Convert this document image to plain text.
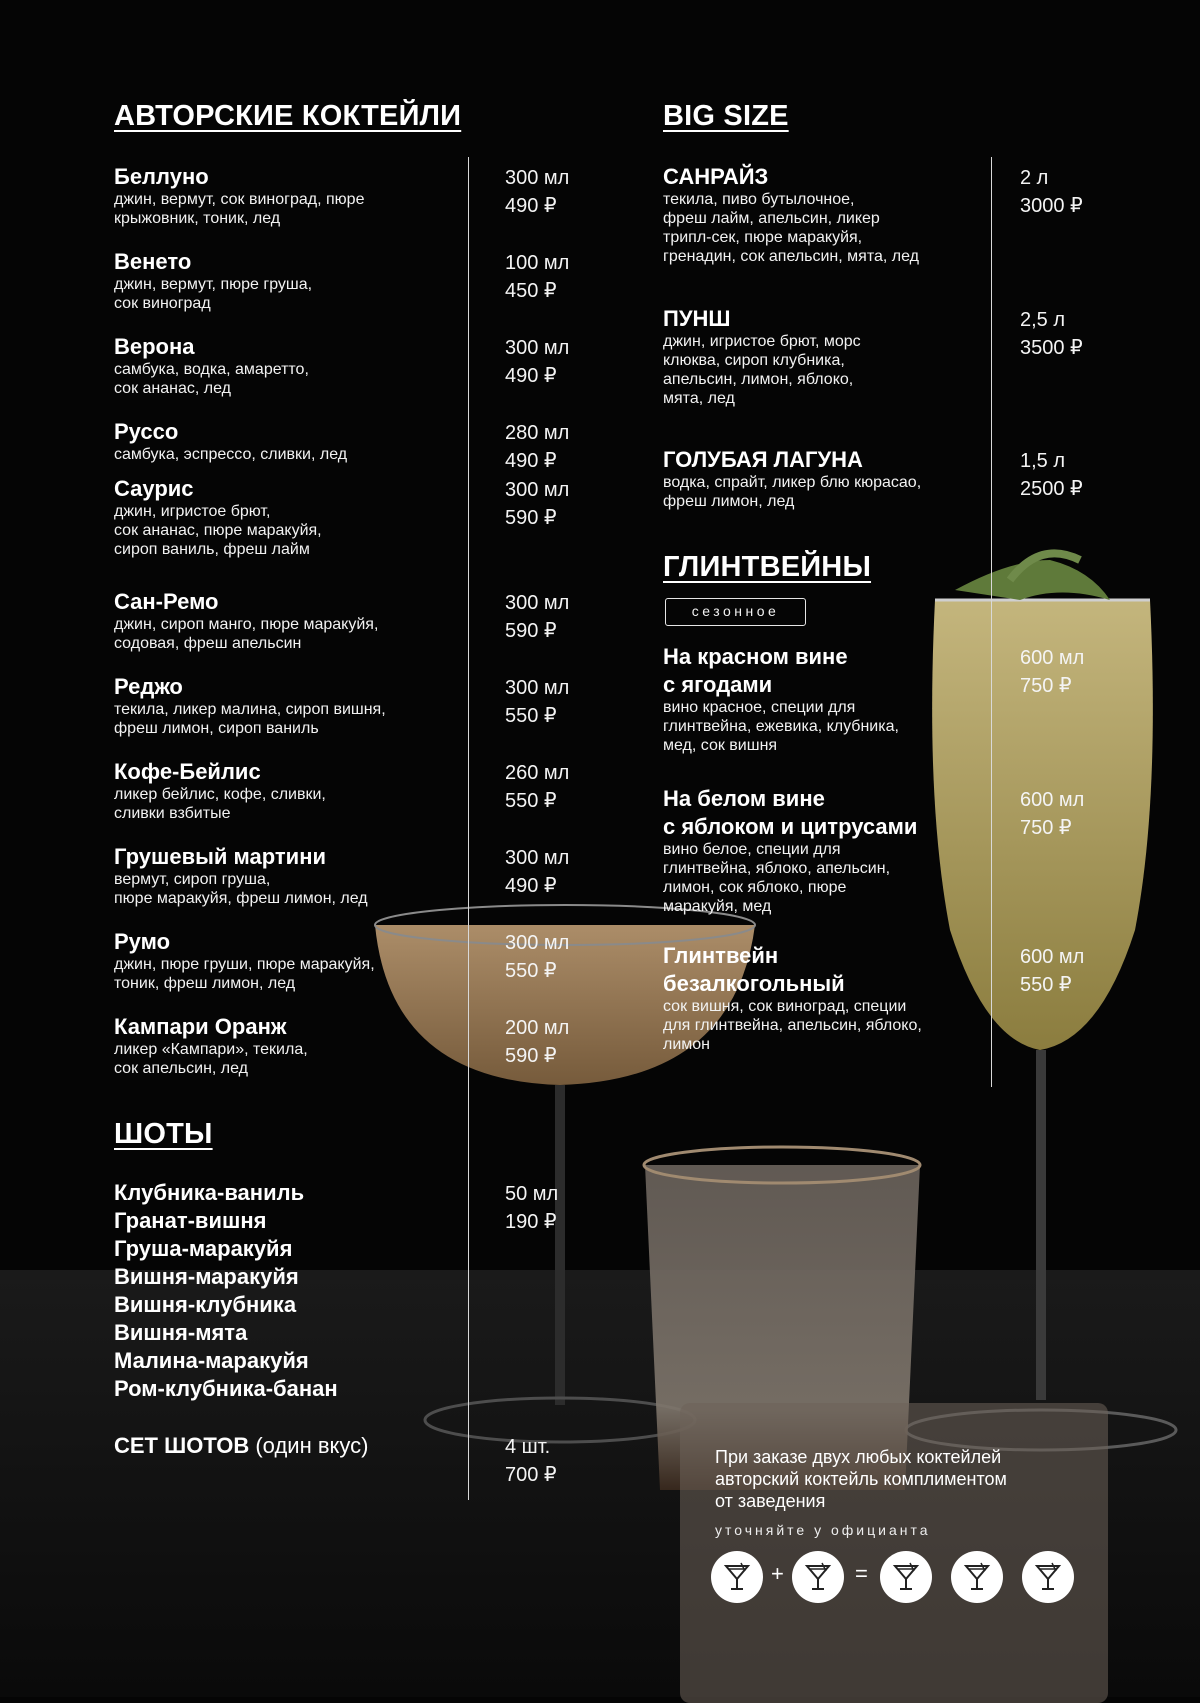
АВТОРСКИЕ КОКТЕЙЛИ
Беллуно
джин, вермут, сок виноград, пюре
крыжовник, тоник, лед
300 мл
490 ₽
Венето
джин, вермут, пюре груша,
сок виноград
100 мл
450 ₽
Верона
самбука, водка, амаретто,
сок ананас, лед
300 мл
490 ₽
Руссо
самбука, эспрессо, сливки, лед
280 мл
490 ₽
Саурис
джин, игристое брют,
сок ананас, пюре маракуйя,
сироп ваниль, фреш лайм
300 мл
590 ₽
Сан-Ремо
джин, сироп манго, пюре маракуйя,
содовая, фреш апельсин
300 мл
590 ₽
Реджо
текила, ликер малина, сироп вишня,
фреш лимон, сироп ваниль
300 мл
550 ₽
Кофе-Бейлис
ликер бейлис, кофе, сливки,
сливки взбитые
260 мл
550 ₽
Грушевый мартини
вермут, сироп груша,
пюре маракуйя, фреш лимон, лед
300 мл
490 ₽
Румо
джин, пюре груши, пюре маракуйя,
тоник, фреш лимон, лед
300 мл
550 ₽
Кампари Оранж
ликер «Кампари», текила,
сок апельсин, лед
200 мл
590 ₽
ШОТЫ
Клубника-ваниль
Гранат-вишня
Груша-маракуйя
Вишня-маракуйя
Вишня-клубника
Вишня-мята
Малина-маракуйя
Ром-клубника-банан
50 мл
190 ₽
СЕТ ШОТОВ (один вкус)	4 шт.
700 ₽
BIG SIZE
САНРАЙЗ
текила, пиво бутылочное,
фреш лайм, апельсин, ликер
трипл-сек, пюре маракуйя,
гренадин, сок апельсин, мята, лед
2 л
3000 ₽
ПУНШ
джин, игристое брют, морс
клюква, сироп клубника,
апельсин, лимон, яблоко,
мята, лед
2,5 л
3500 ₽
ГОЛУБАЯ ЛАГУНА
водка, спрайт, ликер блю кюрасао,
фреш лимон, лед
1,5 л
2500 ₽
ГЛИНТВЕЙНЫ
сезонное
На красном вине
с ягодами
вино красное, специи для
глинтвейна, ежевика, клубника,
мед, сок вишня
600 мл
750 ₽
На белом вине
с яблоком и цитрусами
вино белое, специи для
глинтвейна, яблоко, апельсин,
лимон, сок яблоко, пюре
маракуйя, мед
600 мл
750 ₽
Глинтвейн
безалкогольный
сок вишня, сок виноград, специи
для глинтвейна, апельсин, яблоко,
лимон
600 мл
550 ₽
При заказе двух любых коктейлей
авторский коктейль комплиментом
от заведения
уточняйте у официанта
+	=
